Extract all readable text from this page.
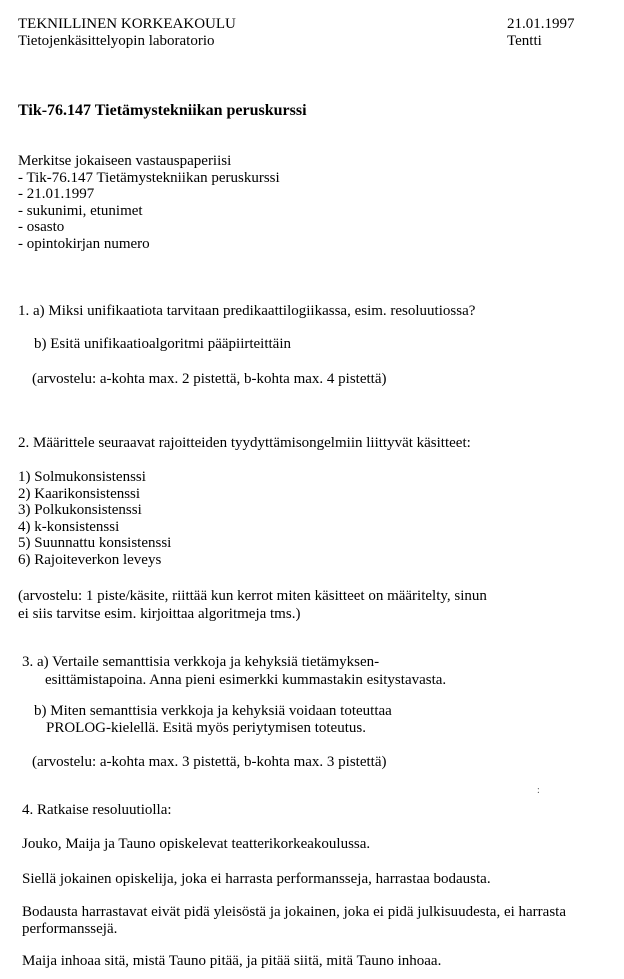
TEKNILLINEN KORKEAKOULU
Tietojenkäsittelyopin laboratorio
21.01.1997
Tentti
Tik-76.147 Tietämystekniikan peruskurssi
Merkitse jokaiseen vastauspaperiisi
- Tik-76.147 Tietämystekniikan peruskurssi
- 21.01.1997
- sukunimi, etunimet
- osasto
- opintokirjan numero
1. a) Miksi unifikaatiota tarvitaan predikaattilogiikassa, esim. resoluutiossa?
b) Esitä unifikaatioalgoritmi pääpiirteittäin
(arvostelu: a-kohta max. 2 pistettä, b-kohta max. 4 pistettä)
2. Määrittele seuraavat rajoitteiden tyydyttämisongelmiin liittyvät käsitteet:
1) Solmukonsistenssi
2) Kaarikonsistenssi
3) Polkukonsistenssi
4) k-konsistenssi
5) Suunnattu konsistenssi
6) Rajoiteverkon leveys
(arvostelu: 1 piste/käsite, riittää kun kerrot miten käsitteet on määritelty, sinun
ei siis tarvitse esim. kirjoittaa algoritmeja tms.)
3. a) Vertaile semanttisia verkkoja ja kehyksiä tietämyksen-
esittämistapoina. Anna pieni esimerkki kummastakin esitystavasta.
b) Miten semanttisia verkkoja ja kehyksiä voidaan toteuttaa
PROLOG-kielellä. Esitä myös periytymisen toteutus.
(arvostelu: a-kohta max. 3 pistettä, b-kohta max. 3 pistettä)
:
4. Ratkaise resoluutiolla:
Jouko, Maija ja Tauno opiskelevat teatterikorkeakoulussa.
Siellä jokainen opiskelija, joka ei harrasta performansseja, harrastaa bodausta.
Bodausta harrastavat eivät pidä yleisöstä ja jokainen, joka ei pidä julkisuudesta, ei harrasta
performanssejä.
Maija inhoaa sitä, mistä Tauno pitää, ja pitää siitä, mitä Tauno inhoaa.
